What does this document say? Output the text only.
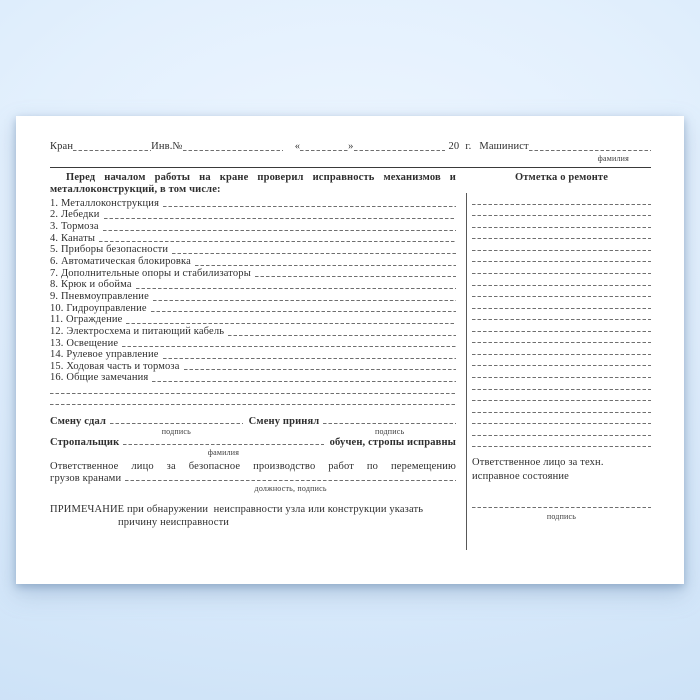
Кран	Инв.№	«	»	20 г. Машинист
фамилия
Перед началом работы на кране проверил исправность механизмов и
металлоконструкций, в том числе:
1. Металлоконструкция
2. Лебедки
3. Тормоза
4. Канаты
5. Приборы безопасности
6. Автоматическая блокировка
7. Дополнительные опоры и стабилизаторы
8. Крюк и обойма
9. Пневмоуправление
10. Гидроуправление
11. Ограждение
12. Электросхема и питающий кабель
13. Освещение
14. Рулевое управление
15. Ходовая часть и тормоза
16. Общие замечания
Смену сдал
подпись
Смену принял
подпись
Стропальщик
фамилия
обучен, стропы исправны
Ответственное лицо за безопасное производство работ по перемещению
грузов кранами
должность, подпись
ПРИМЕЧАНИЕ при обнаружении  неисправности узла или конструкции указать
причину неисправности
Отметка о ремонте
Ответственное лицо за техн. исправное состояние
подпись
